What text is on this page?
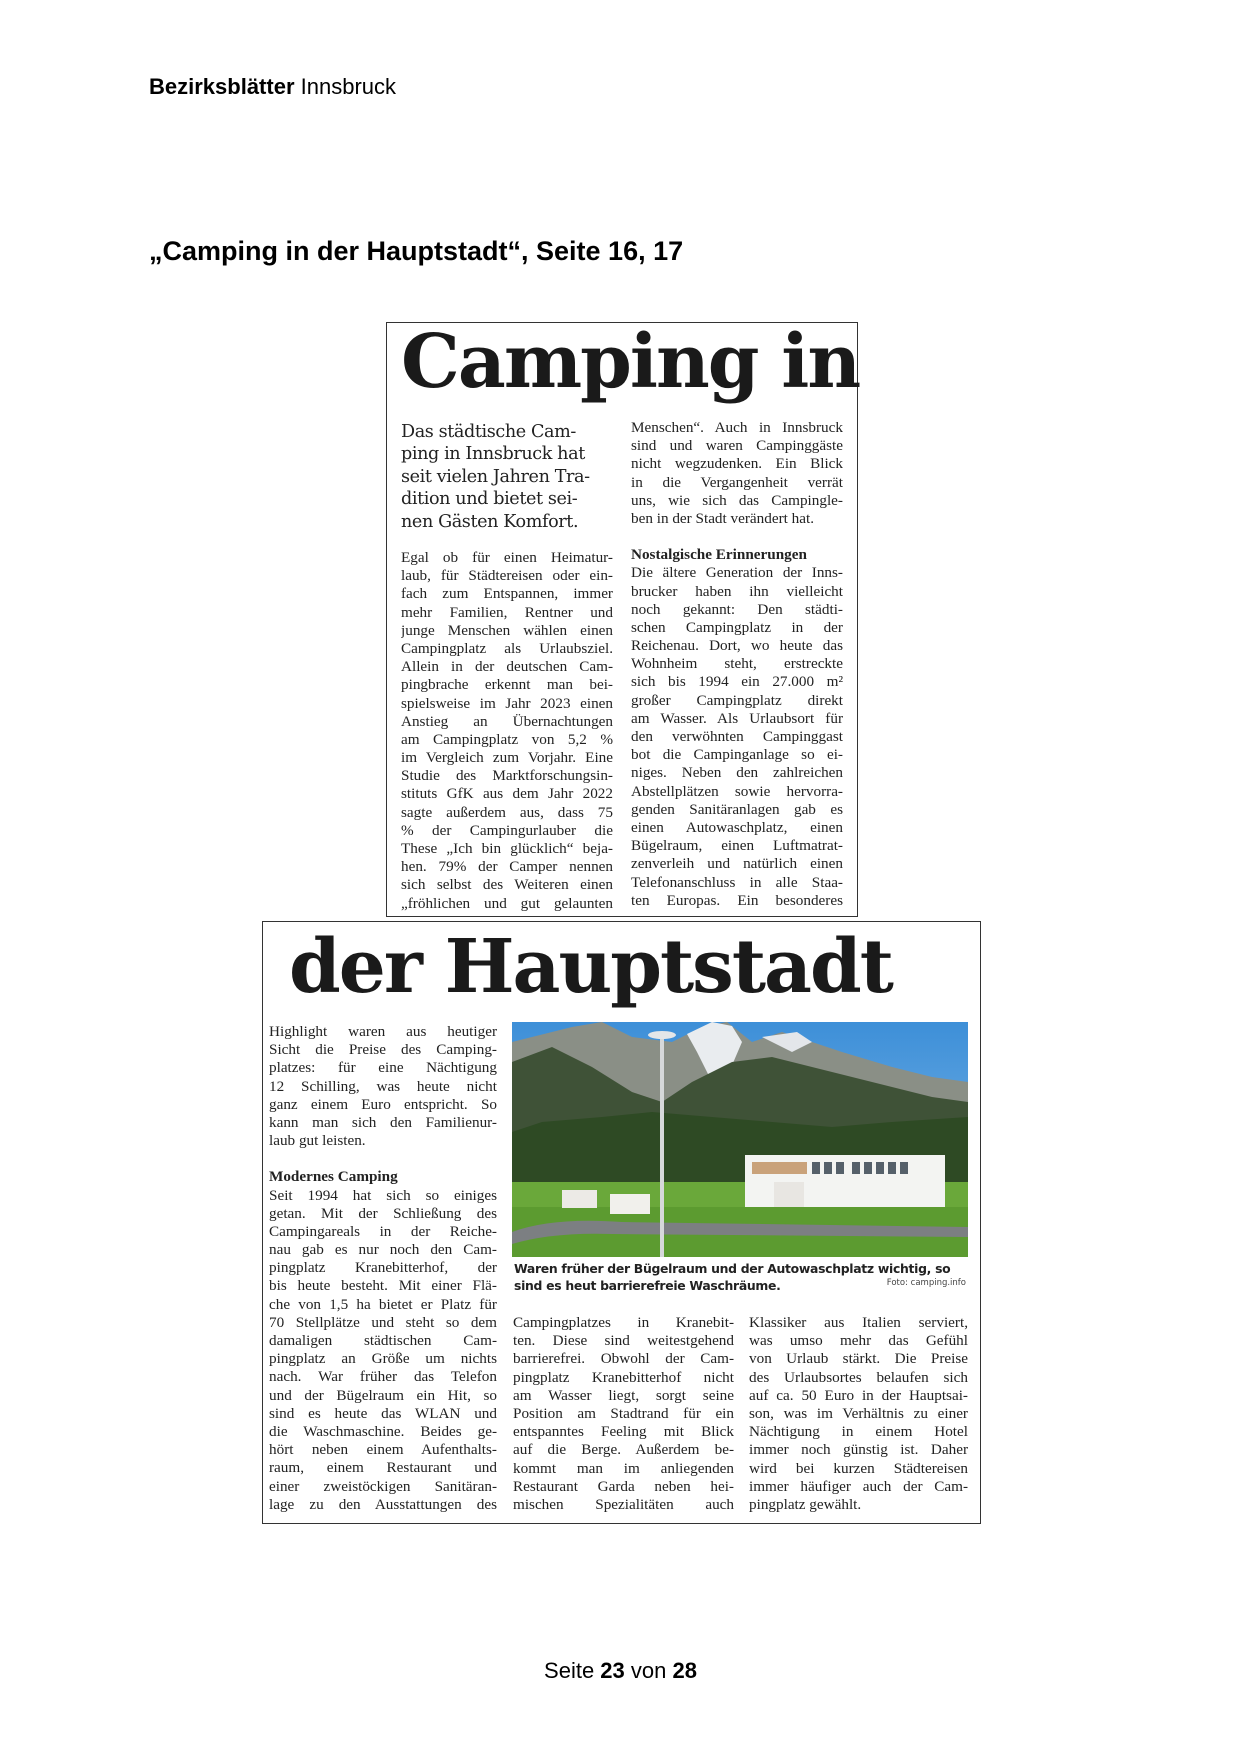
Bezirksblätter Innsbruck
„Camping in der Hauptstadt“, Seite 16, 17
Camping in
Das städtische Cam-
ping in Innsbruck hat
seit vielen Jahren Tra-
dition und bietet sei-
nen Gästen Komfort.
Egal ob für einen Heimatur-
laub, für Städtereisen oder ein-
fach zum Entspannen, immer
mehr Familien, Rentner und
junge Menschen wählen einen
Campingplatz als Urlaubsziel.
Allein in der deutschen Cam-
pingbrache erkennt man bei-
spielsweise im Jahr 2023 einen
Anstieg an Übernachtungen
am Campingplatz von 5,2 %
im Vergleich zum Vorjahr. Eine
Studie des Marktforschungsin-
stituts GfK aus dem Jahr 2022
sagte außerdem aus, dass 75
% der Campingurlauber die
These „Ich bin glücklich“ beja-
hen. 79% der Camper nennen
sich selbst des Weiteren einen
„fröhlichen und gut gelaunten
Menschen“. Auch in Innsbruck
sind und waren Campinggäste
nicht wegzudenken. Ein Blick
in die Vergangenheit verrät
uns, wie sich das Campingle-
ben in der Stadt verändert hat.
Nostalgische Erinnerungen
Die ältere Generation der Inns-
brucker haben ihn vielleicht
noch gekannt: Den städti-
schen Campingplatz in der
Reichenau. Dort, wo heute das
Wohnheim steht, erstreckte
sich bis 1994 ein 27.000 m²
großer Campingplatz direkt
am Wasser. Als Urlaubsort für
den verwöhnten Campinggast
bot die Campinganlage so ei-
niges. Neben den zahlreichen
Abstellplätzen sowie hervorra-
genden Sanitäranlagen gab es
einen Autowaschplatz, einen
Bügelraum, einen Luftmatrat-
zenverleih und natürlich einen
Telefonanschluss in alle Staa-
ten Europas. Ein besonderes
der Hauptstadt
Highlight waren aus heutiger
Sicht die Preise des Camping-
platzes: für eine Nächtigung
12 Schilling, was heute nicht
ganz einem Euro entspricht. So
kann man sich den Familienur-
laub gut leisten.
Modernes Camping
Seit 1994 hat sich so einiges
getan. Mit der Schließung des
Campingareals in der Reiche-
nau gab es nur noch den Cam-
pingplatz Kranebitterhof, der
bis heute besteht. Mit einer Flä-
che von 1,5 ha bietet er Platz für
70 Stellplätze und steht so dem
damaligen städtischen Cam-
pingplatz an Größe um nichts
nach. War früher das Telefon
und der Bügelraum ein Hit, so
sind es heute das WLAN und
die Waschmaschine. Beides ge-
hört neben einem Aufenthalts-
raum, einem Restaurant und
einer zweistöckigen Sanitäran-
lage zu den Ausstattungen des
Waren früher der Bügelraum und der Autowaschplatz wichtig, so sind es heut barrierefreie Waschräume.	Foto: camping.info
Campingplatzes in Kranebit-
ten. Diese sind weitestgehend
barrierefrei. Obwohl der Cam-
pingplatz Kranebitterhof nicht
am Wasser liegt, sorgt seine
Position am Stadtrand für ein
entspanntes Feeling mit Blick
auf die Berge. Außerdem be-
kommt man im anliegenden
Restaurant Garda neben hei-
mischen Spezialitäten auch
Klassiker aus Italien serviert,
was umso mehr das Gefühl
von Urlaub stärkt. Die Preise
des Urlaubsortes belaufen sich
auf ca. 50 Euro in der Hauptsai-
son, was im Verhältnis zu einer
Nächtigung in einem Hotel
immer noch günstig ist. Daher
wird bei kurzen Städtereisen
immer häufiger auch der Cam-
pingplatz gewählt.
Seite 23 von 28
